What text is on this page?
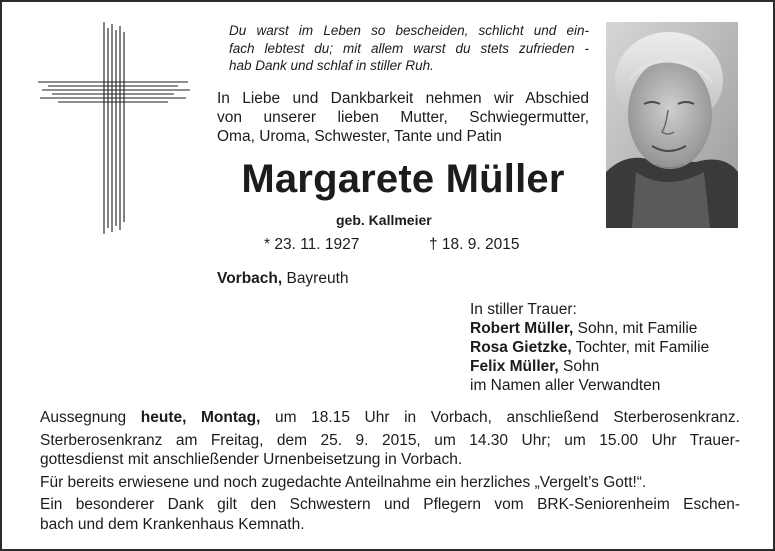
Du warst im Leben so bescheiden, schlicht und ein-
fach lebtest du; mit allem warst du stets zufrieden -
hab Dank und schlaf in stiller Ruh.

In Liebe und Dankbarkeit nehmen wir Abschied
von unserer lieben Mutter, Schwiegermutter,
Oma, Uroma, Schwester, Tante und Patin

Margarete Müller
geb. Kallmeier
* 23. 11. 1927	† 18. 9. 2015
Vorbach, Bayreuth
In stiller Trauer:
Robert Müller, Sohn, mit Familie
Rosa Gietzke, Tochter, mit Familie
Felix Müller, Sohn
im Namen aller Verwandten

Aussegnung heute, Montag, um 18.15 Uhr in Vorbach, anschließend Sterberosenkranz.

Sterberosenkranz am Freitag, dem 25. 9. 2015, um 14.30 Uhr; um 15.00 Uhr Trauer-
gottesdienst mit anschließender Urnenbeisetzung in Vorbach.

Für bereits erwiesene und noch zugedachte Anteilnahme ein herzliches „Vergelt’s Gott!“.

Ein besonderer Dank gilt den Schwestern und Pflegern vom BRK-Seniorenheim Eschen-
bach und dem Krankenhaus Kemnath.
